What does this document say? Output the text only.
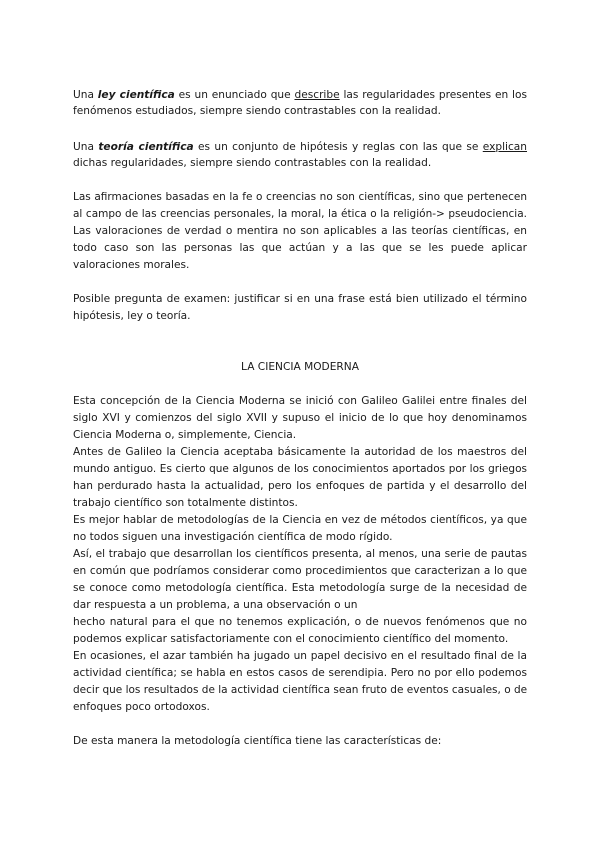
Una ley científica es un enunciado que describe las regularidades presentes en los
fenómenos estudiados, siempre siendo contrastables con la realidad.
Una teoría científica es un conjunto de hipótesis y reglas con las que se explican
dichas regularidades, siempre siendo contrastables con la realidad.
Las afirmaciones basadas en la fe o creencias no son científicas, sino que pertenecen
al campo de las creencias personales, la moral, la ética o la religión-> pseudociencia.
Las valoraciones de verdad o mentira no son aplicables a las teorías científicas, en
todo caso son las personas las que actúan y a las que se les puede aplicar
valoraciones morales.
Posible pregunta de examen: justificar si en una frase está bien utilizado el término
hipótesis, ley o teoría.
LA CIENCIA MODERNA
Esta concepción de la Ciencia Moderna se inició con Galileo Galilei entre finales del
siglo XVI y comienzos del siglo XVII y supuso el inicio de lo que hoy denominamos
Ciencia Moderna o, simplemente, Ciencia.
Antes de Galileo la Ciencia aceptaba básicamente la autoridad de los maestros del
mundo antiguo. Es cierto que algunos de los conocimientos aportados por los griegos
han perdurado hasta la actualidad, pero los enfoques de partida y el desarrollo del
trabajo científico son totalmente distintos.
Es mejor hablar de metodologías de la Ciencia en vez de métodos científicos, ya que
no todos siguen una investigación científica de modo rígido.
Así, el trabajo que desarrollan los científicos presenta, al menos, una serie de pautas
en común que podríamos considerar como procedimientos que caracterizan a lo que
se conoce como metodología científica. Esta metodología surge de la necesidad de
dar respuesta a un problema, a una observación o un
hecho natural para el que no tenemos explicación, o de nuevos fenómenos que no
podemos explicar satisfactoriamente con el conocimiento científico del momento.
En ocasiones, el azar también ha jugado un papel decisivo en el resultado final de la
actividad científica; se habla en estos casos de serendipia. Pero no por ello podemos
decir que los resultados de la actividad científica sean fruto de eventos casuales, o de
enfoques poco ortodoxos.
De esta manera la metodología científica tiene las características de:
